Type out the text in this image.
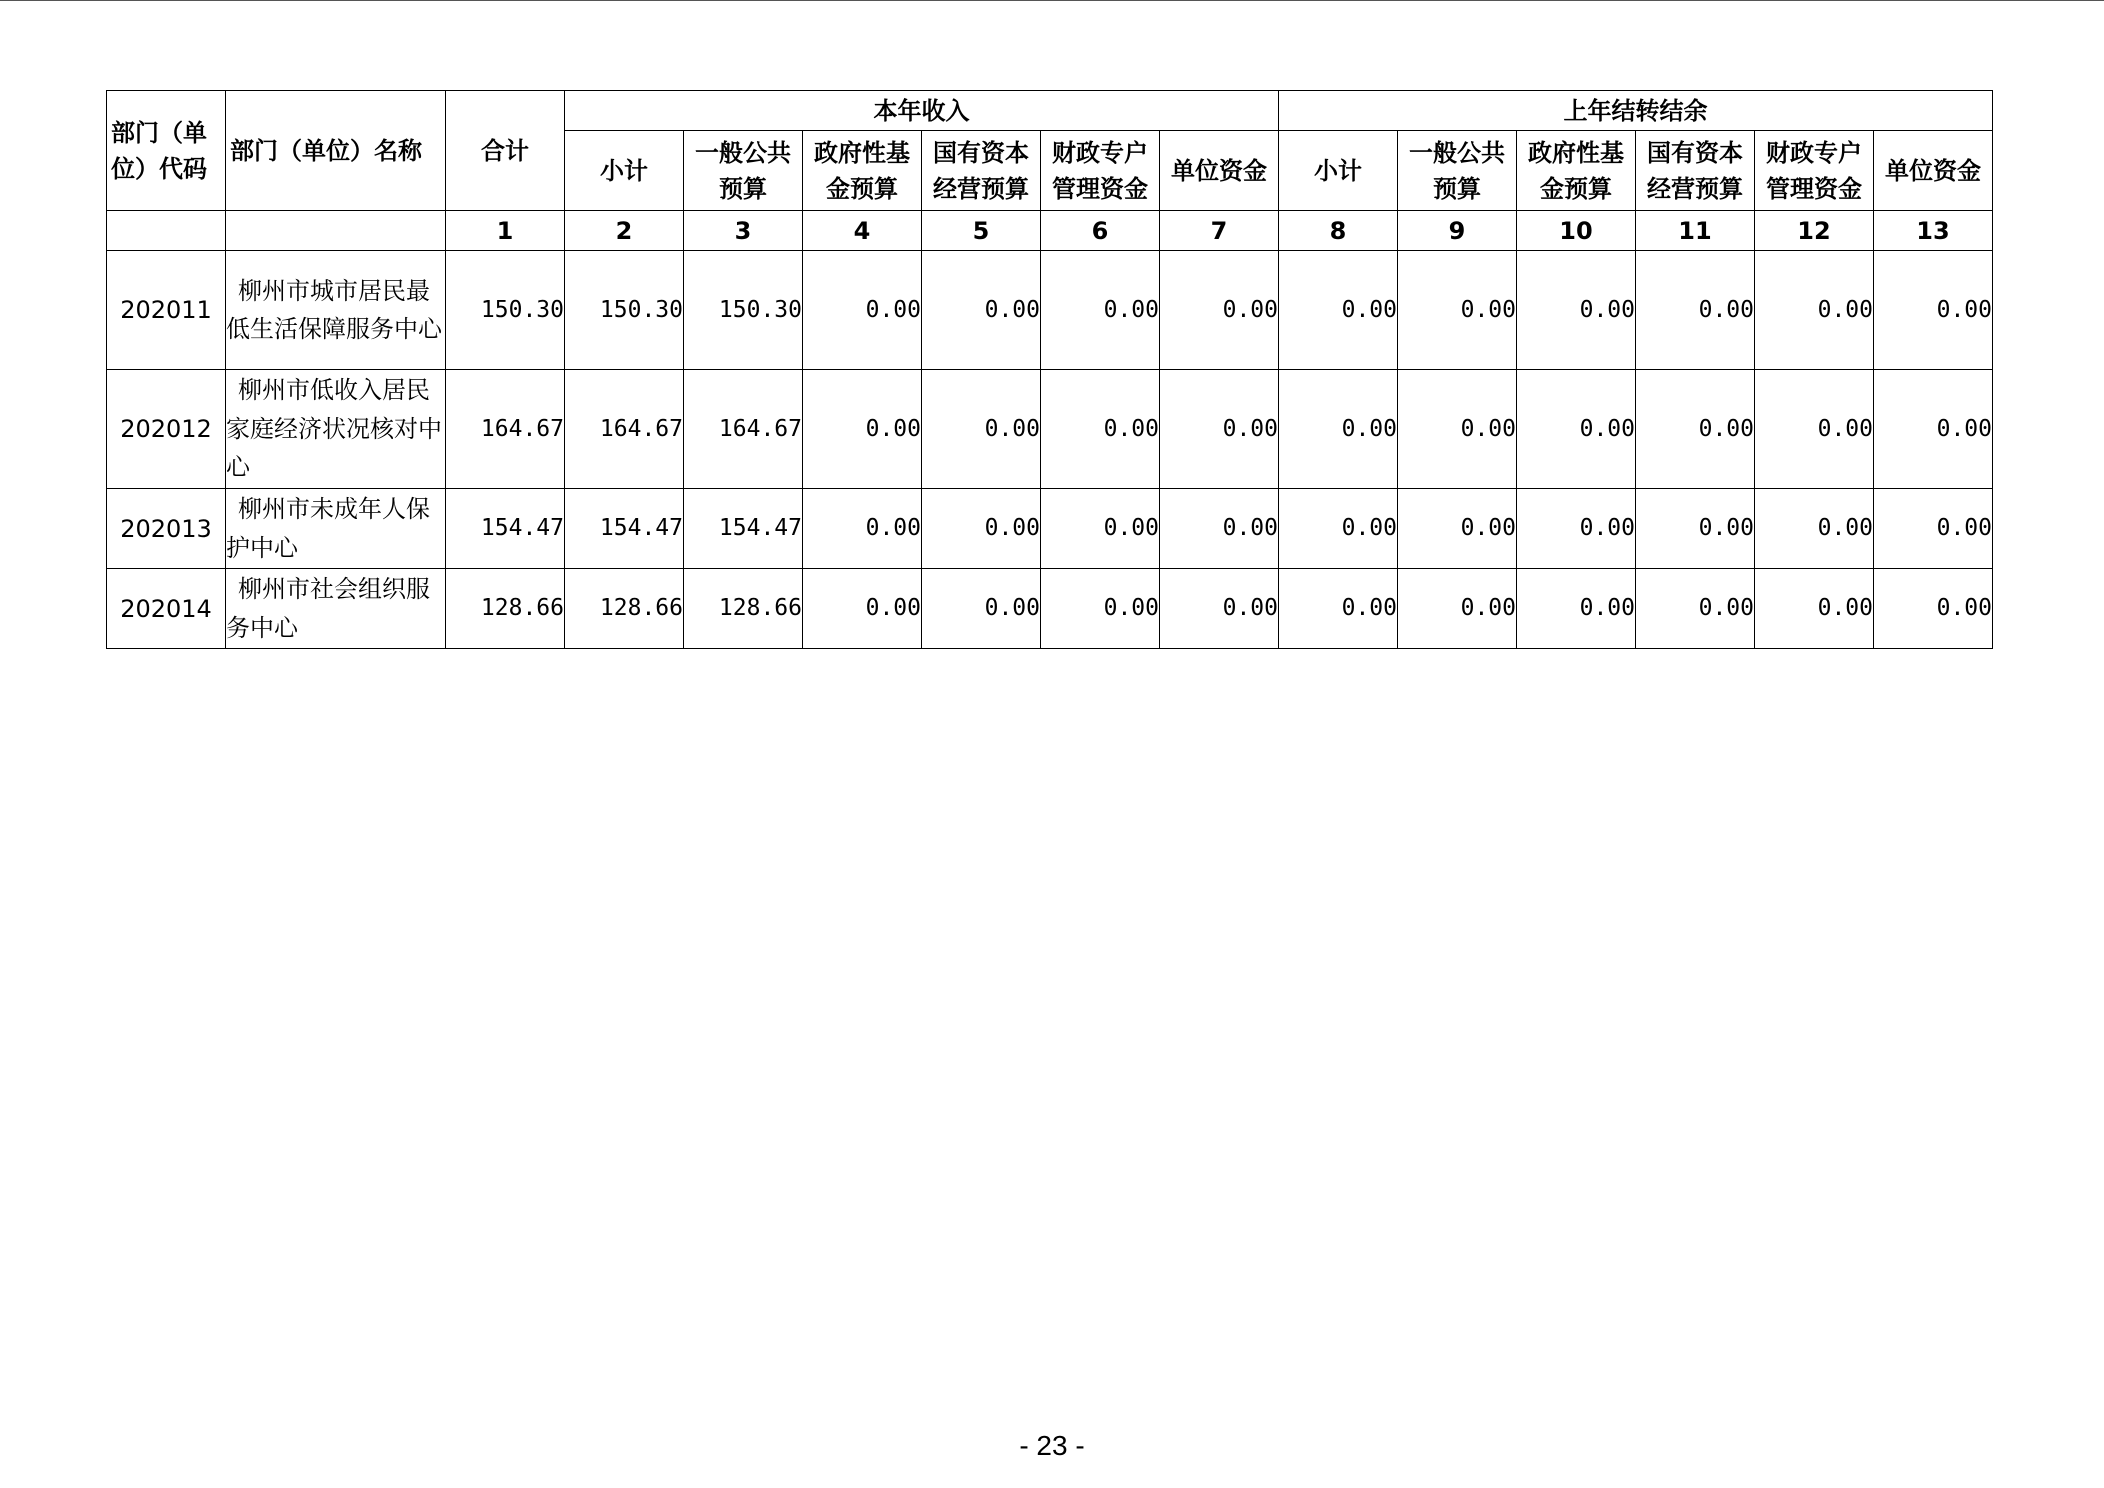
部门（单位）代码	部门（单位）名称	合计	本年收入						上年结转结余					
			小计	一般公共预算	政府性基金预算	国有资本经营预算	财政专户管理资金	单位资金	小计	一般公共预算	政府性基金预算	国有资本经营预算	财政专户管理资金	单位资金
		1	2	3	4	5	6	7	8	9	10	11	12	13
202011	柳州市城市居民最低生活保障服务中心	150.30	150.30	150.30	0.00	0.00	0.00	0.00	0.00	0.00	0.00	0.00	0.00	0.00
202012	柳州市低收入居民家庭经济状况核对中心	164.67	164.67	164.67	0.00	0.00	0.00	0.00	0.00	0.00	0.00	0.00	0.00	0.00
202013	柳州市未成年人保护中心	154.47	154.47	154.47	0.00	0.00	0.00	0.00	0.00	0.00	0.00	0.00	0.00	0.00
202014	柳州市社会组织服务中心	128.66	128.66	128.66	0.00	0.00	0.00	0.00	0.00	0.00	0.00	0.00	0.00	0.00
- 23 -
